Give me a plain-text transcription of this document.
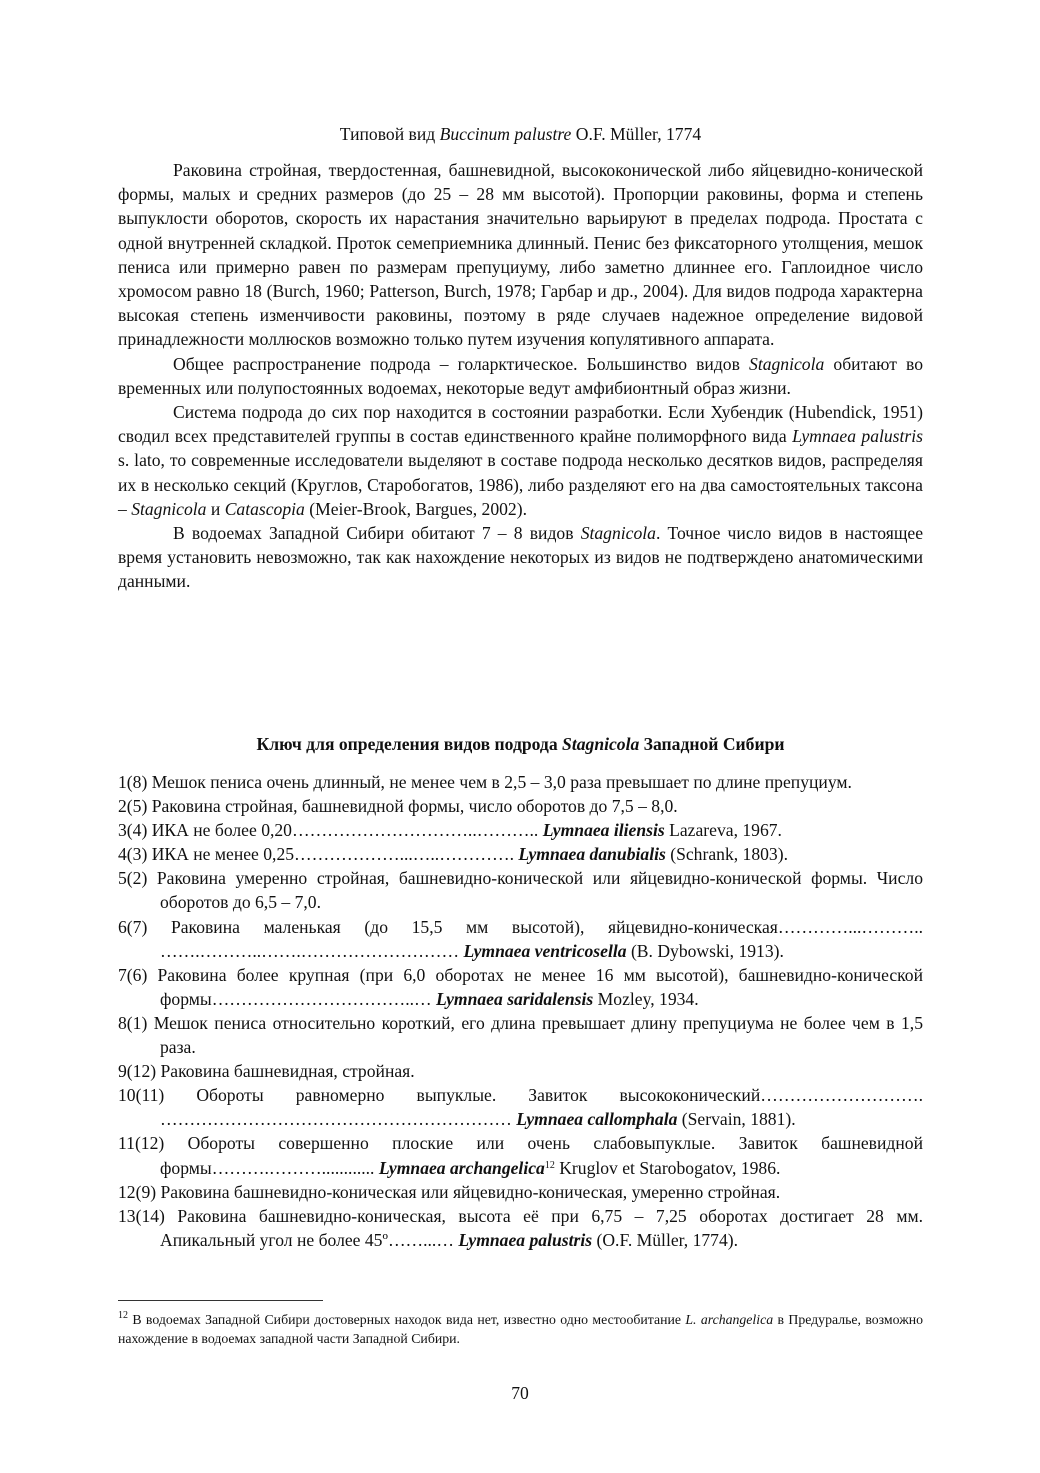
Типовой вид Buccinum palustre O.F. Müller, 1774

Раковина стройная, твердостенная, башневидной, высококонической либо яйцевидно-конической формы, малых и средних размеров (до 25 – 28 мм высотой). Пропорции раковины, форма и степень выпуклости оборотов, скорость их нарастания значительно варьируют в пределах подрода. Простата с одной внутренней складкой. Проток семеприемника длинный. Пенис без фиксаторного утолщения, мешок пениса или примерно равен по размерам препуциуму, либо заметно длиннее его. Гаплоидное число хромосом равно 18 (Burch, 1960; Patterson, Burch, 1978; Гарбар и др., 2004). Для видов подрода характерна высокая степень изменчивости раковины, поэтому в ряде случаев надежное определение видовой принадлежности моллюсков возможно только путем изучения копулятивного аппарата.

Общее распространение подрода – голарктическое. Большинство видов Stagnicola обитают во временных или полупостоянных водоемах, некоторые ведут амфибионтный образ жизни.

Система подрода до сих пор находится в состоянии разработки. Если Хубендик (Hubendick, 1951) сводил всех представителей группы в состав единственного крайне полиморфного вида Lymnaea palustris s. lato, то современные исследователи выделяют в составе подрода несколько десятков видов, распределяя их в несколько секций (Круглов, Старобогатов, 1986), либо разделяют его на два самостоятельных таксона – Stagnicola и Catascopia (Meier-Brook, Bargues, 2002).

В водоемах Западной Сибири обитают 7 – 8 видов Stagnicola. Точное число видов в настоящее время установить невозможно, так как нахождение некоторых из видов не подтверждено анатомическими данными.

Ключ для определения видов подрода Stagnicola Западной Сибири
1(8) Мешок пениса очень длинный, не менее чем в 2,5 – 3,0 раза превышает по длине препуциум.
2(5) Раковина стройная, башневидной формы, число оборотов до 7,5 – 8,0.
3(4) ИКА не более 0,20…………………………..……….. Lymnaea iliensis Lazareva, 1967.
4(3) ИКА не менее 0,25………………...…..…………. Lymnaea danubialis (Schrank, 1803).
5(2) Раковина умеренно стройная, башневидно-конической или яйцевидно-конической формы. Число оборотов до 6,5 – 7,0.
6(7) Раковина маленькая (до 15,5 мм высотой), яйцевидно-коническая…………...……….. …….………..…….……………………… Lymnaea ventricosella (B. Dybowski, 1913).
7(6) Раковина более крупная (при 6,0 оборотах не менее 16 мм высотой), башневидно-конической формы……………………………..… Lymnaea saridalensis Mozley, 1934.
8(1) Мешок пениса относительно короткий, его длина превышает длину препуциума не более чем в 1,5 раза.
9(12) Раковина башневидная, стройная.
10(11) Обороты равномерно выпуклые. Завиток высококонический………………………. …………………………………………………… Lymnaea callomphala (Servain, 1881).
11(12) Обороты совершенно плоские или очень слабовыпуклые. Завиток башневидной формы……….………............ Lymnaea archangelica$^{12}$ Kruglov et Starobogatov, 1986.
12(9) Раковина башневидно-коническая или яйцевидно-коническая, умеренно стройная.
13(14) Раковина башневидно-коническая, высота её при 6,75 – 7,25 оборотах достигает 28 мм. Апикальный угол не более 45º……...… Lymnaea palustris (O.F. Müller, 1774).
$^{12}$ В водоемах Западной Сибири достоверных находок вида нет, известно одно местообитание L. archangelica в Предуралье, возможно нахождение в водоемах западной части Западной Сибири.
70
